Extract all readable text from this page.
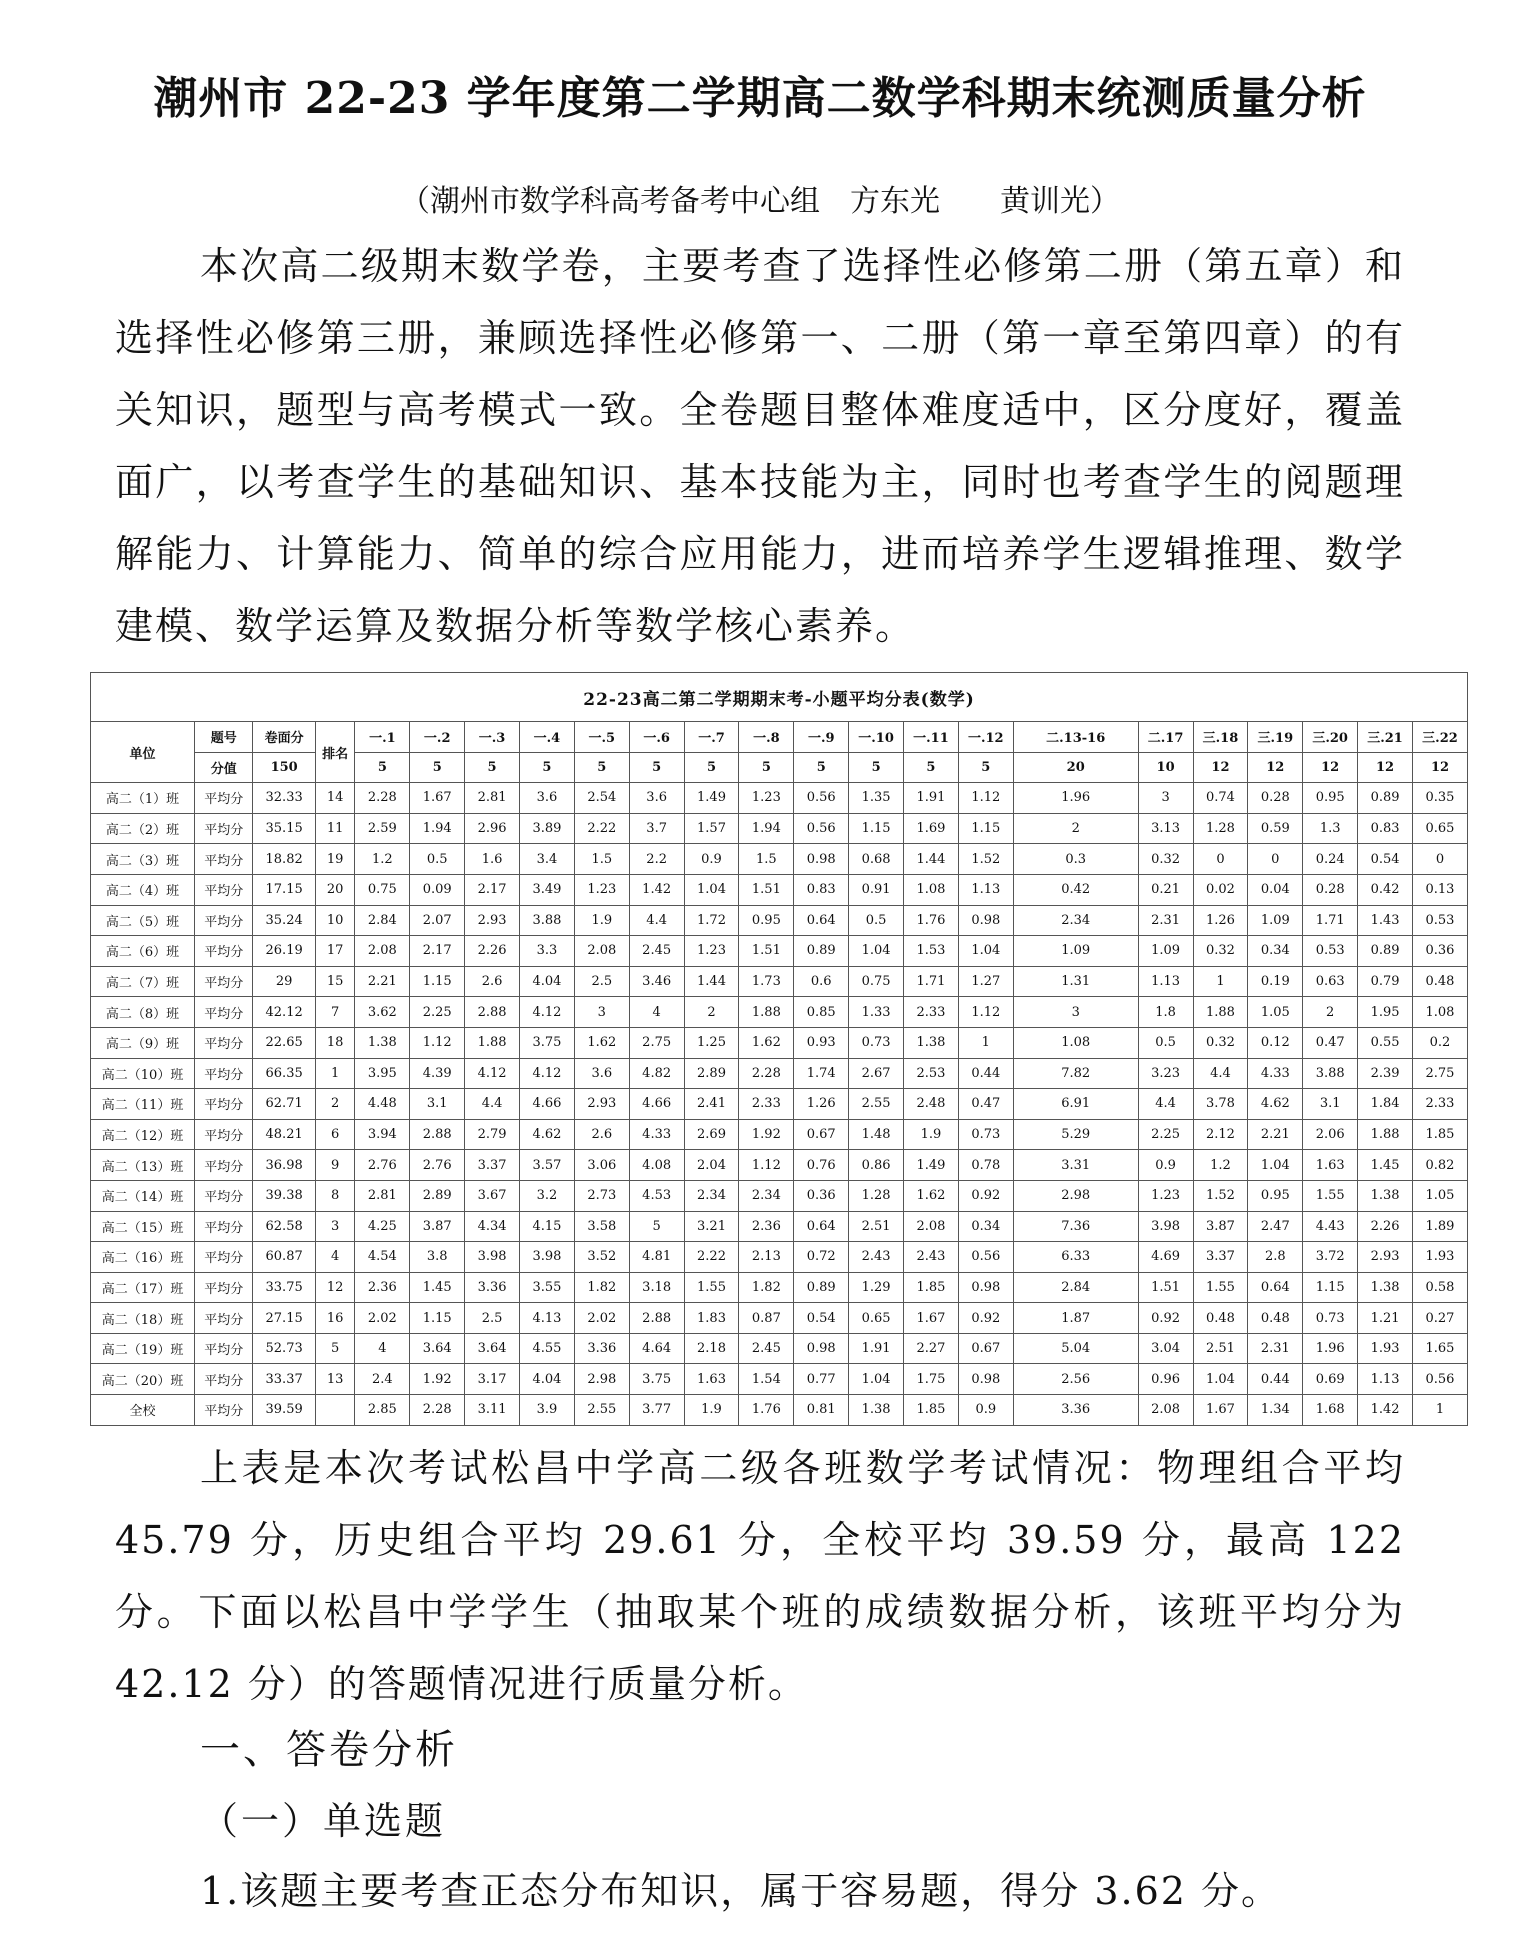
潮州市 22-23 学年度第二学期高二数学科期末统测质量分析
（潮州市数学科高考备考中心组　方东光　　黄训光）
本次高二级期末数学卷，主要考查了选择性必修第二册（第五章）和选择性必修第三册，兼顾选择性必修第一、二册（第一章至第四章）的有关知识，题型与高考模式一致。全卷题目整体难度适中，区分度好，覆盖面广，以考查学生的基础知识、基本技能为主，同时也考查学生的阅题理解能力、计算能力、简单的综合应用能力，进而培养学生逻辑推理、数学建模、数学运算及数据分析等数学核心素养。
22-23高二第二学期期末考-小题平均分表(数学)																						
单位	题号	卷面分	排名	一.1	一.2	一.3	一.4	一.5	一.6	一.7	一.8	一.9	一.10	一.11	一.12	二.13-16	二.17	三.18	三.19	三.20	三.21	三.22
	分值	150		5	5	5	5	5	5	5	5	5	5	5	5	20	10	12	12	12	12	12
高二（1）班	平均分	32.33	14	2.28	1.67	2.81	3.6	2.54	3.6	1.49	1.23	0.56	1.35	1.91	1.12	1.96	3	0.74	0.28	0.95	0.89	0.35
高二（2）班	平均分	35.15	11	2.59	1.94	2.96	3.89	2.22	3.7	1.57	1.94	0.56	1.15	1.69	1.15	2	3.13	1.28	0.59	1.3	0.83	0.65
高二（3）班	平均分	18.82	19	1.2	0.5	1.6	3.4	1.5	2.2	0.9	1.5	0.98	0.68	1.44	1.52	0.3	0.32	0	0	0.24	0.54	0
高二（4）班	平均分	17.15	20	0.75	0.09	2.17	3.49	1.23	1.42	1.04	1.51	0.83	0.91	1.08	1.13	0.42	0.21	0.02	0.04	0.28	0.42	0.13
高二（5）班	平均分	35.24	10	2.84	2.07	2.93	3.88	1.9	4.4	1.72	0.95	0.64	0.5	1.76	0.98	2.34	2.31	1.26	1.09	1.71	1.43	0.53
高二（6）班	平均分	26.19	17	2.08	2.17	2.26	3.3	2.08	2.45	1.23	1.51	0.89	1.04	1.53	1.04	1.09	1.09	0.32	0.34	0.53	0.89	0.36
高二（7）班	平均分	29	15	2.21	1.15	2.6	4.04	2.5	3.46	1.44	1.73	0.6	0.75	1.71	1.27	1.31	1.13	1	0.19	0.63	0.79	0.48
高二（8）班	平均分	42.12	7	3.62	2.25	2.88	4.12	3	4	2	1.88	0.85	1.33	2.33	1.12	3	1.8	1.88	1.05	2	1.95	1.08
高二（9）班	平均分	22.65	18	1.38	1.12	1.88	3.75	1.62	2.75	1.25	1.62	0.93	0.73	1.38	1	1.08	0.5	0.32	0.12	0.47	0.55	0.2
高二（10）班	平均分	66.35	1	3.95	4.39	4.12	4.12	3.6	4.82	2.89	2.28	1.74	2.67	2.53	0.44	7.82	3.23	4.4	4.33	3.88	2.39	2.75
高二（11）班	平均分	62.71	2	4.48	3.1	4.4	4.66	2.93	4.66	2.41	2.33	1.26	2.55	2.48	0.47	6.91	4.4	3.78	4.62	3.1	1.84	2.33
高二（12）班	平均分	48.21	6	3.94	2.88	2.79	4.62	2.6	4.33	2.69	1.92	0.67	1.48	1.9	0.73	5.29	2.25	2.12	2.21	2.06	1.88	1.85
高二（13）班	平均分	36.98	9	2.76	2.76	3.37	3.57	3.06	4.08	2.04	1.12	0.76	0.86	1.49	0.78	3.31	0.9	1.2	1.04	1.63	1.45	0.82
高二（14）班	平均分	39.38	8	2.81	2.89	3.67	3.2	2.73	4.53	2.34	2.34	0.36	1.28	1.62	0.92	2.98	1.23	1.52	0.95	1.55	1.38	1.05
高二（15）班	平均分	62.58	3	4.25	3.87	4.34	4.15	3.58	5	3.21	2.36	0.64	2.51	2.08	0.34	7.36	3.98	3.87	2.47	4.43	2.26	1.89
高二（16）班	平均分	60.87	4	4.54	3.8	3.98	3.98	3.52	4.81	2.22	2.13	0.72	2.43	2.43	0.56	6.33	4.69	3.37	2.8	3.72	2.93	1.93
高二（17）班	平均分	33.75	12	2.36	1.45	3.36	3.55	1.82	3.18	1.55	1.82	0.89	1.29	1.85	0.98	2.84	1.51	1.55	0.64	1.15	1.38	0.58
高二（18）班	平均分	27.15	16	2.02	1.15	2.5	4.13	2.02	2.88	1.83	0.87	0.54	0.65	1.67	0.92	1.87	0.92	0.48	0.48	0.73	1.21	0.27
高二（19）班	平均分	52.73	5	4	3.64	3.64	4.55	3.36	4.64	2.18	2.45	0.98	1.91	2.27	0.67	5.04	3.04	2.51	2.31	1.96	1.93	1.65
高二（20）班	平均分	33.37	13	2.4	1.92	3.17	4.04	2.98	3.75	1.63	1.54	0.77	1.04	1.75	0.98	2.56	0.96	1.04	0.44	0.69	1.13	0.56
全校	平均分	39.59		2.85	2.28	3.11	3.9	2.55	3.77	1.9	1.76	0.81	1.38	1.85	0.9	3.36	2.08	1.67	1.34	1.68	1.42	1
上表是本次考试松昌中学高二级各班数学考试情况：物理组合平均 45.79 分，历史组合平均 29.61 分，全校平均 39.59 分，最高 122 分。下面以松昌中学学生（抽取某个班的成绩数据分析，该班平均分为 42.12 分）的答题情况进行质量分析。
一、答卷分析
（一）单选题
1.该题主要考查正态分布知识，属于容易题，得分 3.62 分。
